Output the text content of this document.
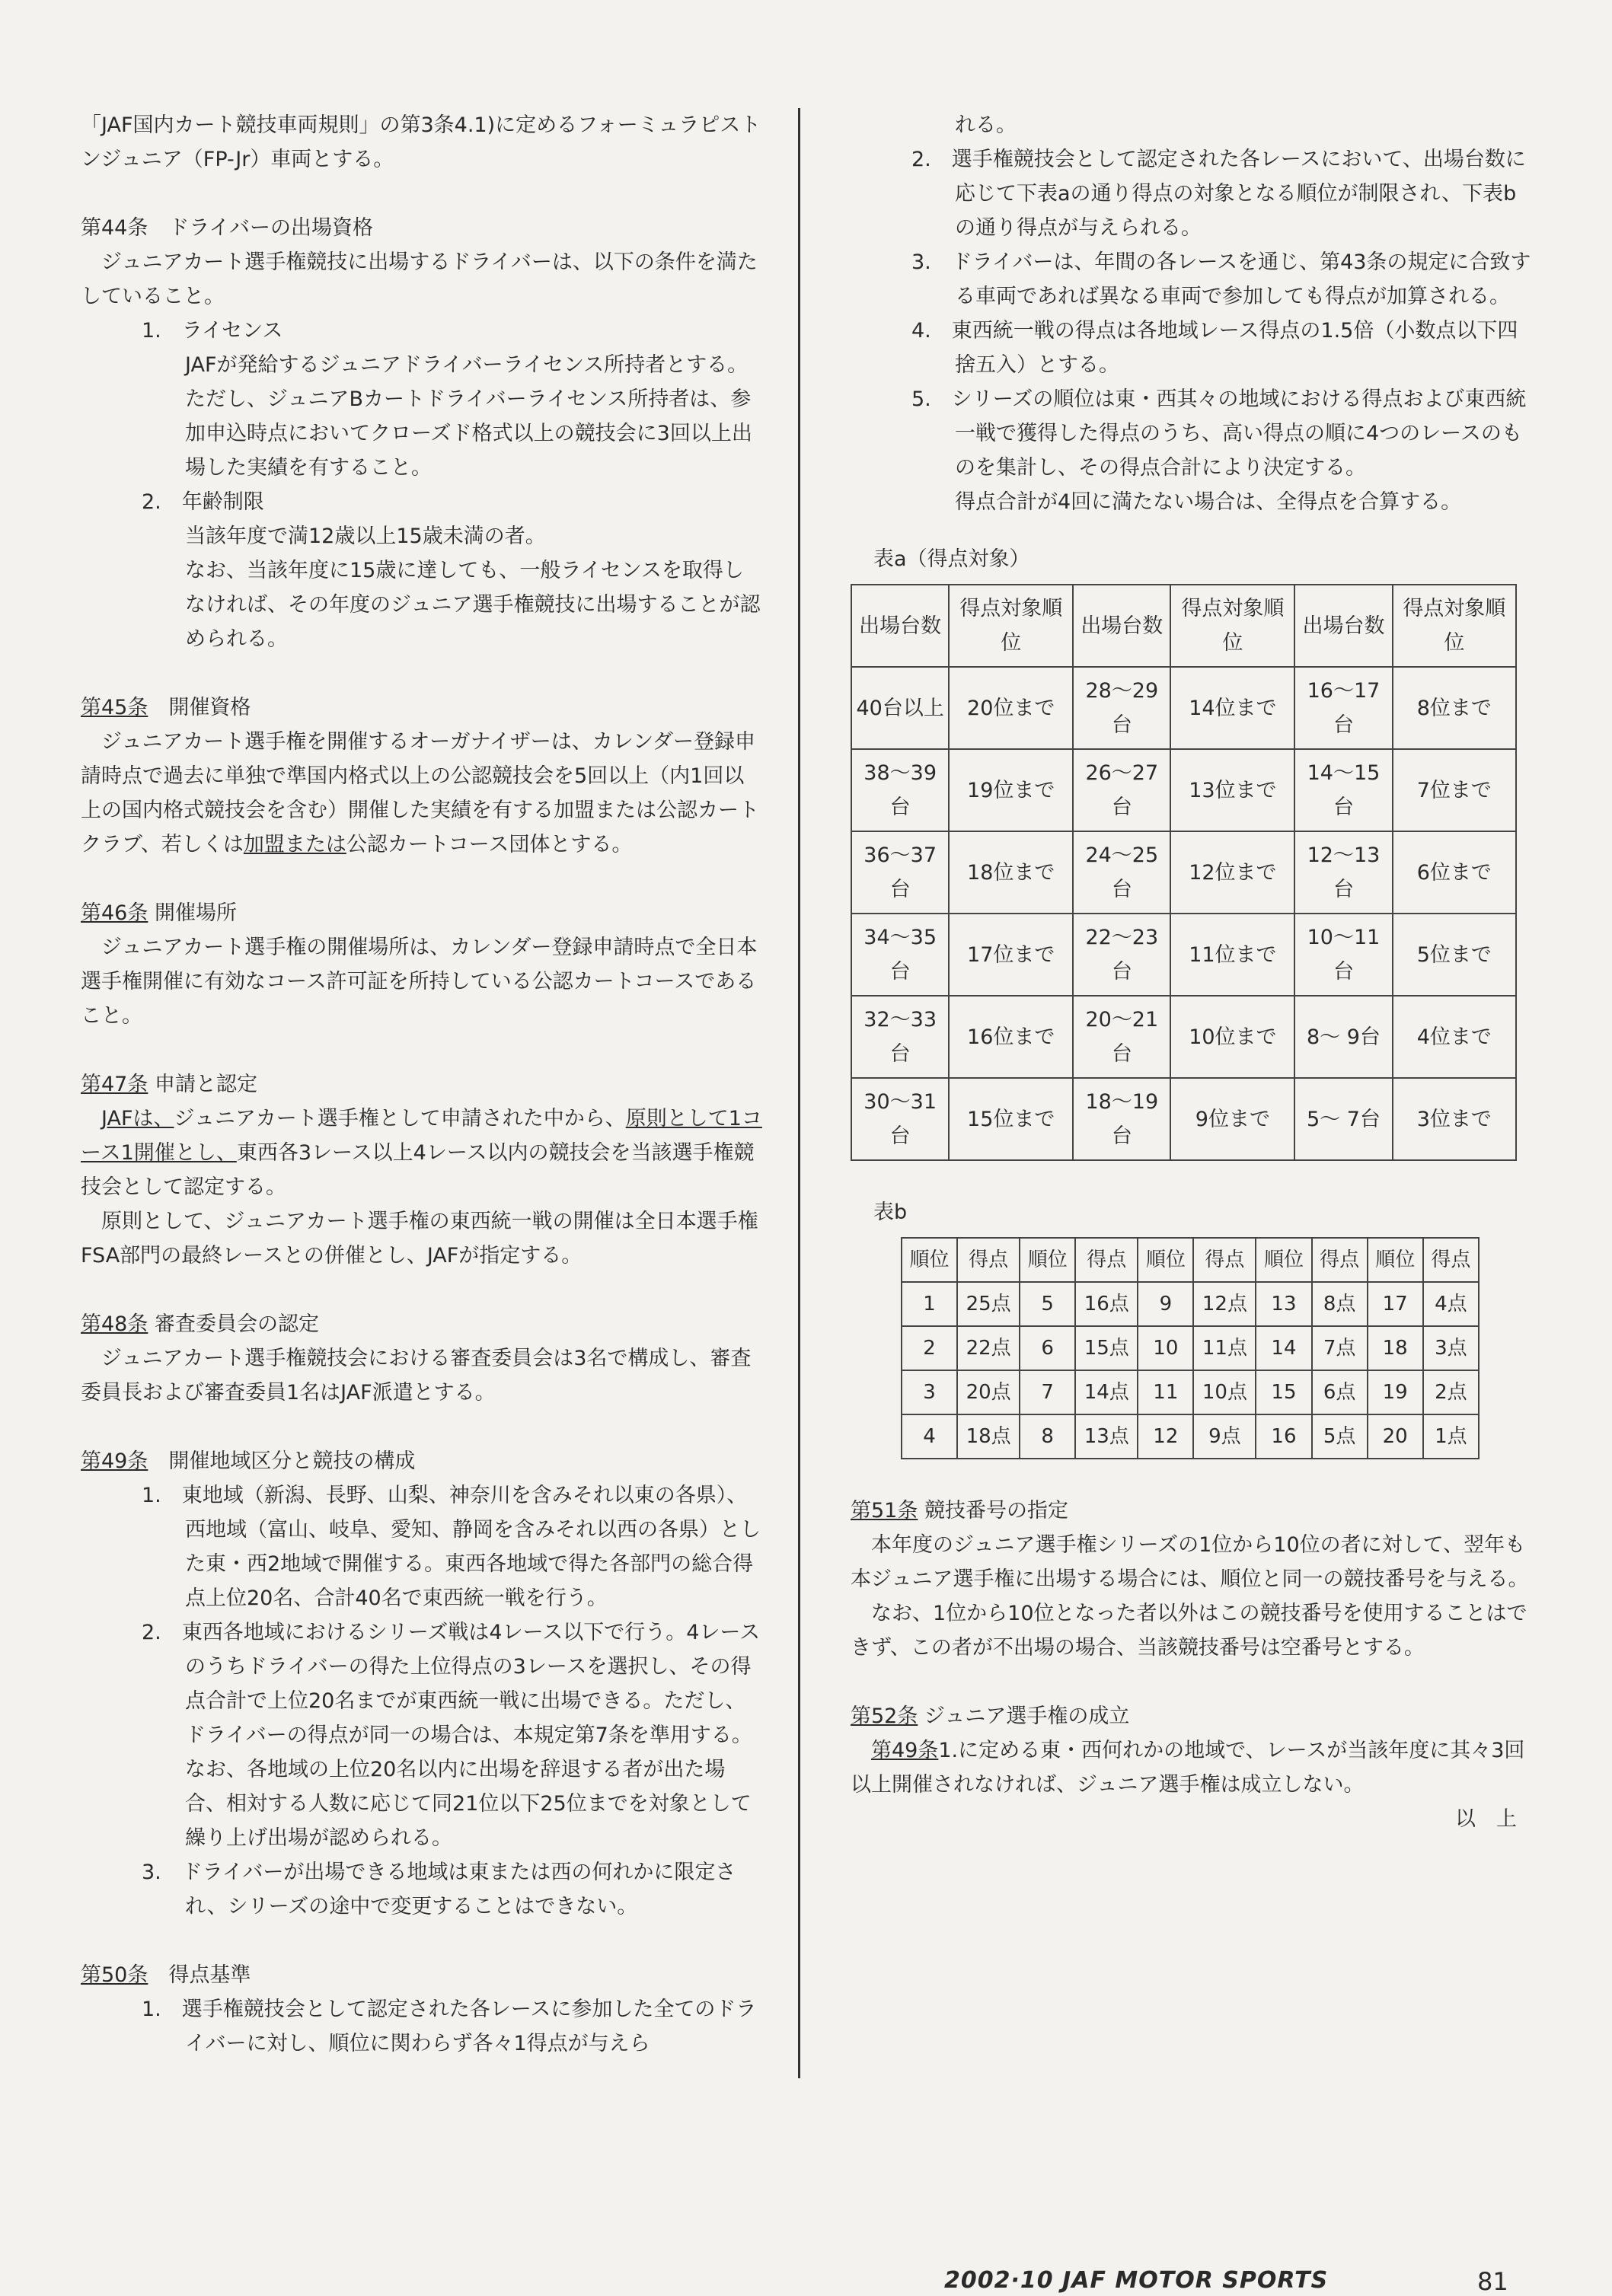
「JAF国内カート競技車両規則」の第3条4.1)に定めるフォーミュラピストンジュニア（FP-Jr）車両とする。

第44条　 ドライバーの出場資格

ジュニアカート選手権競技に出場するドライバーは、以下の条件を満たしていること。

1.　 ライセンス

JAFが発給するジュニアドライバーライセンス所持者とする。

ただし、ジュニアBカートドライバーライセンス所持者は、参加申込時点においてクローズド格式以上の競技会に3回以上出場した実績を有すること。

2.　 年齢制限

当該年度で満12歳以上15歳未満の者。

なお、当該年度に15歳に達しても、一般ライセンスを取得しなければ、その年度のジュニア選手権競技に出場することが認められる。

第45条　 開催資格

ジュニアカート選手権を開催するオーガナイザーは、カレンダー登録申請時点で過去に単独で準国内格式以上の公認競技会を5回以上（内1回以上の国内格式競技会を含む）開催した実績を有する加盟または公認カートクラブ、若しくは加盟または公認カートコース団体とする。

第46条 開催場所

ジュニアカート選手権の開催場所は、カレンダー登録申請時点で全日本選手権開催に有効なコース許可証を所持している公認カートコースであること。

第47条 申請と認定

JAFは、ジュニアカート選手権として申請された中から、原則として1コース1開催とし、東西各3レース以上4レース以内の競技会を当該選手権競技会として認定する。

原則として、ジュニアカート選手権の東西統一戦の開催は全日本選手権FSA部門の最終レースとの併催とし、JAFが指定する。

第48条 審査委員会の認定

ジュニアカート選手権競技会における審査委員会は3名で構成し、審査委員長および審査委員1名はJAF派遣とする。

第49条　 開催地域区分と競技の構成

1.　 東地域（新潟、長野、山梨、神奈川を含みそれ以東の各県）、西地域（富山、岐阜、愛知、静岡を含みそれ以西の各県）とした東・西2地域で開催する。東西各地域で得た各部門の総合得点上位20名、合計40名で東西統一戦を行う。

2.　 東西各地域におけるシリーズ戦は4レース以下で行う。4レースのうちドライバーの得た上位得点の3レースを選択し、その得点合計で上位20名までが東西統一戦に出場できる。ただし、ドライバーの得点が同一の場合は、本規定第7条を準用する。

なお、各地域の上位20名以内に出場を辞退する者が出た場合、相対する人数に応じて同21位以下25位までを対象として繰り上げ出場が認められる。

3.　 ドライバーが出場できる地域は東または西の何れかに限定され、シリーズの途中で変更することはできない。

第50条　 得点基準

1.　 選手権競技会として認定された各レースに参加した全てのドライバーに対し、順位に関わらず各々1得点が与えら

れる。

2.　 選手権競技会として認定された各レースにおいて、出場台数に応じて下表aの通り得点の対象となる順位が制限され、下表bの通り得点が与えられる。

3.　 ドライバーは、年間の各レースを通じ、第43条の規定に合致する車両であれば異なる車両で参加しても得点が加算される。

4.　 東西統一戦の得点は各地域レース得点の1.5倍（小数点以下四捨五入）とする。

5.　 シリーズの順位は東・西其々の地域における得点および東西統一戦で獲得した得点のうち、高い得点の順に4つのレースのものを集計し、その得点合計により決定する。

得点合計が4回に満たない場合は、全得点を合算する。

表a（得点対象）

出場台数	得点対象順位	出場台数	得点対象順位	出場台数	得点対象順位
40台以上	20位まで	28〜29台	14位まで	16〜17台	8位まで
38〜39台	19位まで	26〜27台	13位まで	14〜15台	7位まで
36〜37台	18位まで	24〜25台	12位まで	12〜13台	6位まで
34〜35台	17位まで	22〜23台	11位まで	10〜11台	5位まで
32〜33台	16位まで	20〜21台	10位まで	8〜 9台	4位まで
30〜31台	15位まで	18〜19台	9位まで	5〜 7台	3位まで

表b

順位	得点	順位	得点	順位	得点	順位	得点	順位	得点
1	25点	5	16点	9	12点	13	8点	17	4点
2	22点	6	15点	10	11点	14	7点	18	3点
3	20点	7	14点	11	10点	15	6点	19	2点
4	18点	8	13点	12	9点	16	5点	20	1点

第51条 競技番号の指定

本年度のジュニア選手権シリーズの1位から10位の者に対して、翌年も本ジュニア選手権に出場する場合には、順位と同一の競技番号を与える。

なお、1位から10位となった者以外はこの競技番号を使用することはできず、この者が不出場の場合、当該競技番号は空番号とする。

第52条 ジュニア選手権の成立

第49条1.に定める東・西何れかの地域で、レースが当該年度に其々3回以上開催されなければ、ジュニア選手権は成立しない。

以　上

2002·10 JAF MOTOR SPORTS	81
